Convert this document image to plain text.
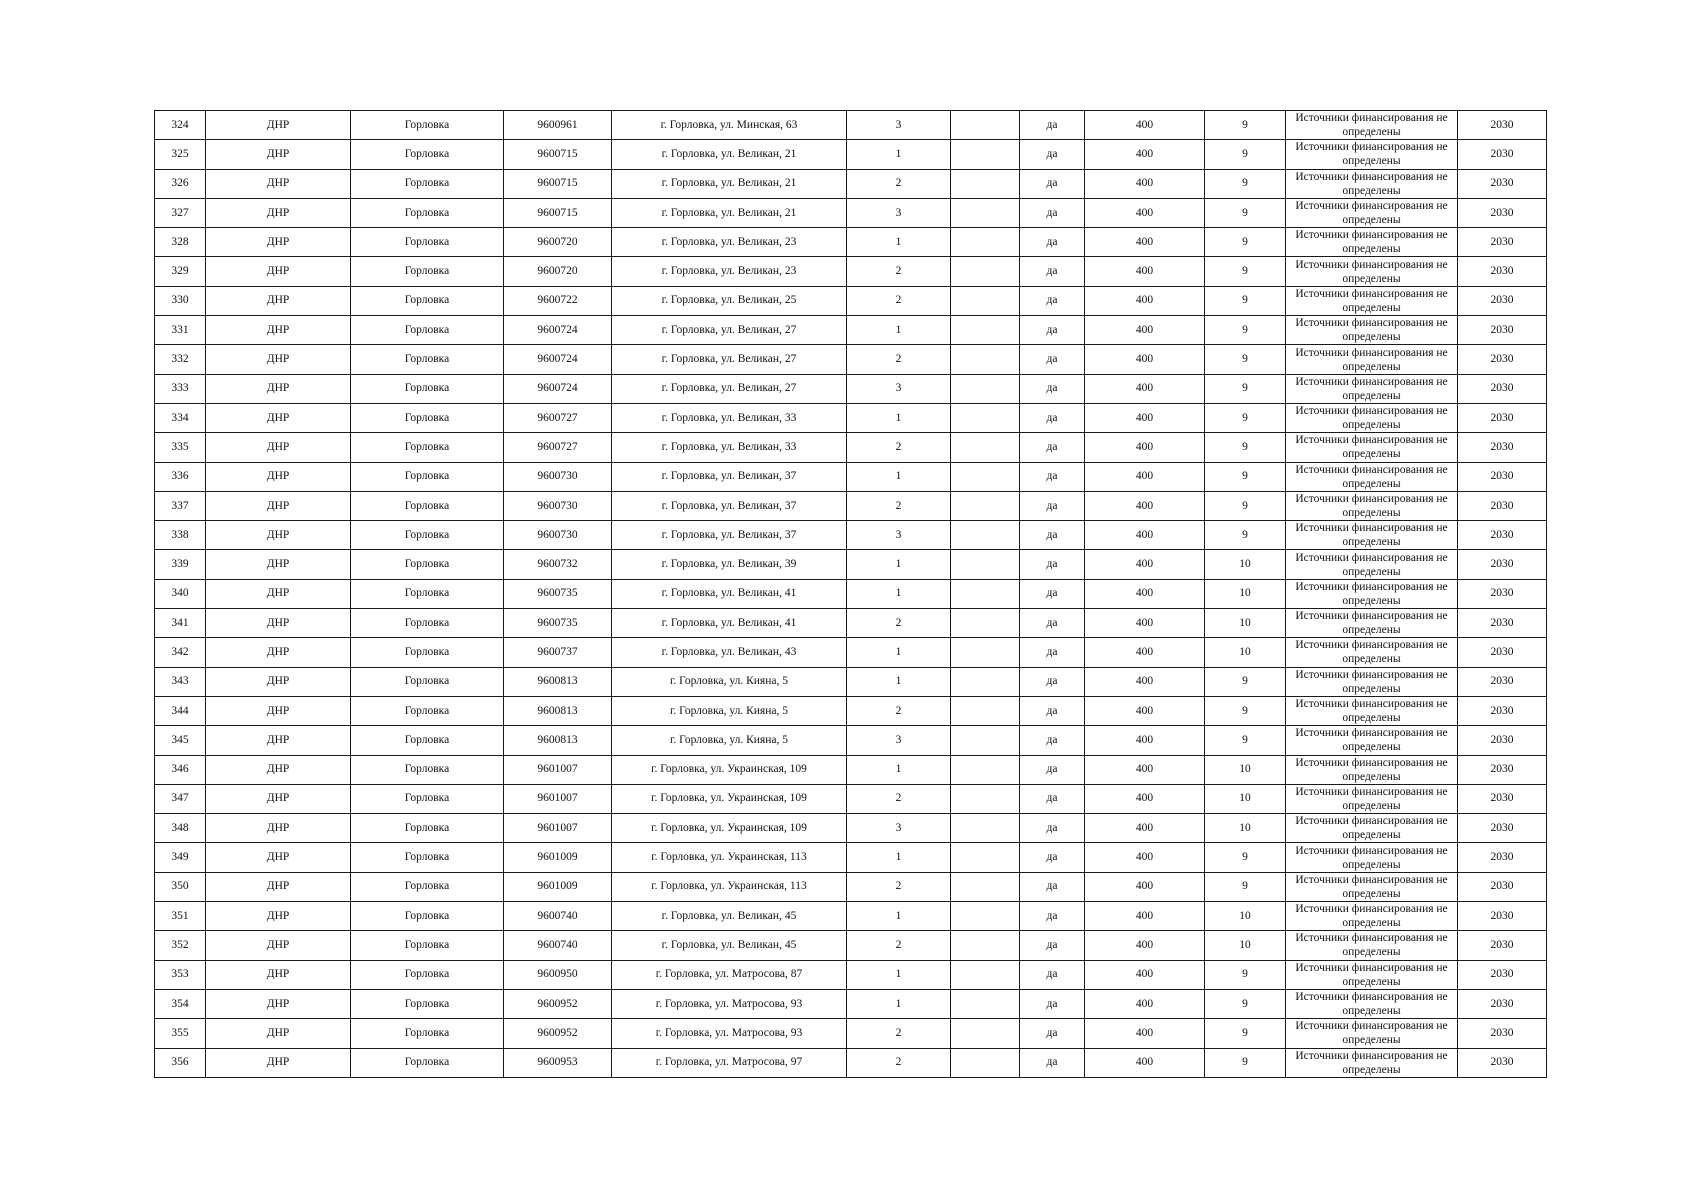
324	ДНР	Горловка	9600961	г. Горловка, ул. Минская, 63	3		да	400	9	Источники финансирования не определены	2030
325	ДНР	Горловка	9600715	г. Горловка, ул. Великан, 21	1		да	400	9	Источники финансирования не определены	2030
326	ДНР	Горловка	9600715	г. Горловка, ул. Великан, 21	2		да	400	9	Источники финансирования не определены	2030
327	ДНР	Горловка	9600715	г. Горловка, ул. Великан, 21	3		да	400	9	Источники финансирования не определены	2030
328	ДНР	Горловка	9600720	г. Горловка, ул. Великан, 23	1		да	400	9	Источники финансирования не определены	2030
329	ДНР	Горловка	9600720	г. Горловка, ул. Великан, 23	2		да	400	9	Источники финансирования не определены	2030
330	ДНР	Горловка	9600722	г. Горловка, ул. Великан, 25	2		да	400	9	Источники финансирования не определены	2030
331	ДНР	Горловка	9600724	г. Горловка, ул. Великан, 27	1		да	400	9	Источники финансирования не определены	2030
332	ДНР	Горловка	9600724	г. Горловка, ул. Великан, 27	2		да	400	9	Источники финансирования не определены	2030
333	ДНР	Горловка	9600724	г. Горловка, ул. Великан, 27	3		да	400	9	Источники финансирования не определены	2030
334	ДНР	Горловка	9600727	г. Горловка, ул. Великан, 33	1		да	400	9	Источники финансирования не определены	2030
335	ДНР	Горловка	9600727	г. Горловка, ул. Великан, 33	2		да	400	9	Источники финансирования не определены	2030
336	ДНР	Горловка	9600730	г. Горловка, ул. Великан, 37	1		да	400	9	Источники финансирования не определены	2030
337	ДНР	Горловка	9600730	г. Горловка, ул. Великан, 37	2		да	400	9	Источники финансирования не определены	2030
338	ДНР	Горловка	9600730	г. Горловка, ул. Великан, 37	3		да	400	9	Источники финансирования не определены	2030
339	ДНР	Горловка	9600732	г. Горловка, ул. Великан, 39	1		да	400	10	Источники финансирования не определены	2030
340	ДНР	Горловка	9600735	г. Горловка, ул. Великан, 41	1		да	400	10	Источники финансирования не определены	2030
341	ДНР	Горловка	9600735	г. Горловка, ул. Великан, 41	2		да	400	10	Источники финансирования не определены	2030
342	ДНР	Горловка	9600737	г. Горловка, ул. Великан, 43	1		да	400	10	Источники финансирования не определены	2030
343	ДНР	Горловка	9600813	г. Горловка, ул. Кияна, 5	1		да	400	9	Источники финансирования не определены	2030
344	ДНР	Горловка	9600813	г. Горловка, ул. Кияна, 5	2		да	400	9	Источники финансирования не определены	2030
345	ДНР	Горловка	9600813	г. Горловка, ул. Кияна, 5	3		да	400	9	Источники финансирования не определены	2030
346	ДНР	Горловка	9601007	г. Горловка, ул. Украинская, 109	1		да	400	10	Источники финансирования не определены	2030
347	ДНР	Горловка	9601007	г. Горловка, ул. Украинская, 109	2		да	400	10	Источники финансирования не определены	2030
348	ДНР	Горловка	9601007	г. Горловка, ул. Украинская, 109	3		да	400	10	Источники финансирования не определены	2030
349	ДНР	Горловка	9601009	г. Горловка, ул. Украинская, 113	1		да	400	9	Источники финансирования не определены	2030
350	ДНР	Горловка	9601009	г. Горловка, ул. Украинская, 113	2		да	400	9	Источники финансирования не определены	2030
351	ДНР	Горловка	9600740	г. Горловка, ул. Великан, 45	1		да	400	10	Источники финансирования не определены	2030
352	ДНР	Горловка	9600740	г. Горловка, ул. Великан, 45	2		да	400	10	Источники финансирования не определены	2030
353	ДНР	Горловка	9600950	г. Горловка, ул. Матросова, 87	1		да	400	9	Источники финансирования не определены	2030
354	ДНР	Горловка	9600952	г. Горловка, ул. Матросова, 93	1		да	400	9	Источники финансирования не определены	2030
355	ДНР	Горловка	9600952	г. Горловка, ул. Матросова, 93	2		да	400	9	Источники финансирования не определены	2030
356	ДНР	Горловка	9600953	г. Горловка, ул. Матросова, 97	2		да	400	9	Источники финансирования не определены	2030
